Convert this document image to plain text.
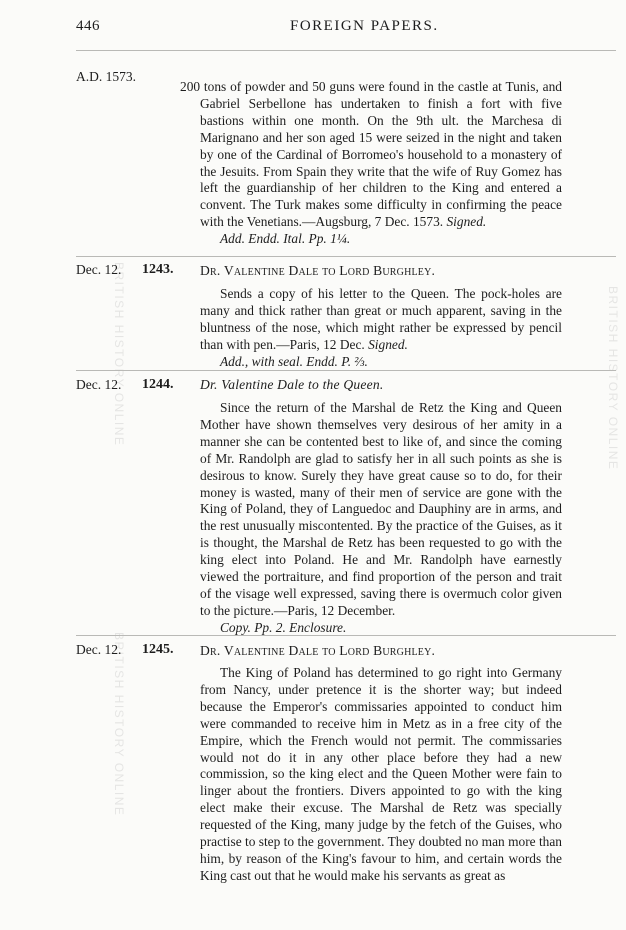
446	FOREIGN PAPERS.
BRITISH HISTORY ONLINE	BRITISH HISTORY ONLINE
BRITISH HISTORY ONLINE
A.D. 1573.

200 tons of powder and 50 guns were found in the castle at Tunis, and Gabriel Serbellone has undertaken to finish a fort with five bastions within one month. On the 9th ult. the Marchesa di Marignano and her son aged 15 were seized in the night and taken by one of the Cardinal of Borromeo's household to a monastery of the Jesuits. From Spain they write that the wife of Ruy Gomez has left the guardianship of her children to the King and entered a convent. The Turk makes some difficulty in confirming the peace with the Venetians.—Augsburg, 7 Dec. 1573. Signed.

Add. Endd. Ital. Pp. 1¼.

Dec. 12. 1243. Dr. Valentine Dale to Lord Burghley.

Sends a copy of his letter to the Queen. The pock-holes are many and thick rather than great or much apparent, saving in the bluntness of the nose, which might rather be expressed by pencil than with pen.—Paris, 12 Dec. Signed.

Add., with seal. Endd. P. ⅔.

Dec. 12. 1244. Dr. Valentine Dale to the Queen.

Since the return of the Marshal de Retz the King and Queen Mother have shown themselves very desirous of her amity in a manner she can be contented best to like of, and since the coming of Mr. Randolph are glad to satisfy her in all such points as she is desirous to know. Surely they have great cause so to do, for their money is wasted, many of their men of service are gone with the King of Poland, they of Languedoc and Dauphiny are in arms, and the rest unusually miscontented. By the practice of the Guises, as it is thought, the Marshal de Retz has been requested to go with the king elect into Poland. He and Mr. Randolph have earnestly viewed the portraiture, and find proportion of the person and trait of the visage well expressed, saving there is overmuch color given to the picture.—Paris, 12 December.

Copy. Pp. 2. Enclosure.

Dec. 12. 1245. Dr. Valentine Dale to Lord Burghley.

The King of Poland has determined to go right into Germany from Nancy, under pretence it is the shorter way; but indeed because the Emperor's commissaries appointed to conduct him were commanded to receive him in Metz as in a free city of the Empire, which the French would not permit. The commissaries would not do it in any other place before they had a new commission, so the king elect and the Queen Mother were fain to linger about the frontiers. Divers appointed to go with the king elect make their excuse. The Marshal de Retz was specially requested of the King, many judge by the fetch of the Guises, who practise to step to the government. They doubted no man more than him, by reason of the King's favour to him, and certain words the King cast out that he would make his servants as great as
